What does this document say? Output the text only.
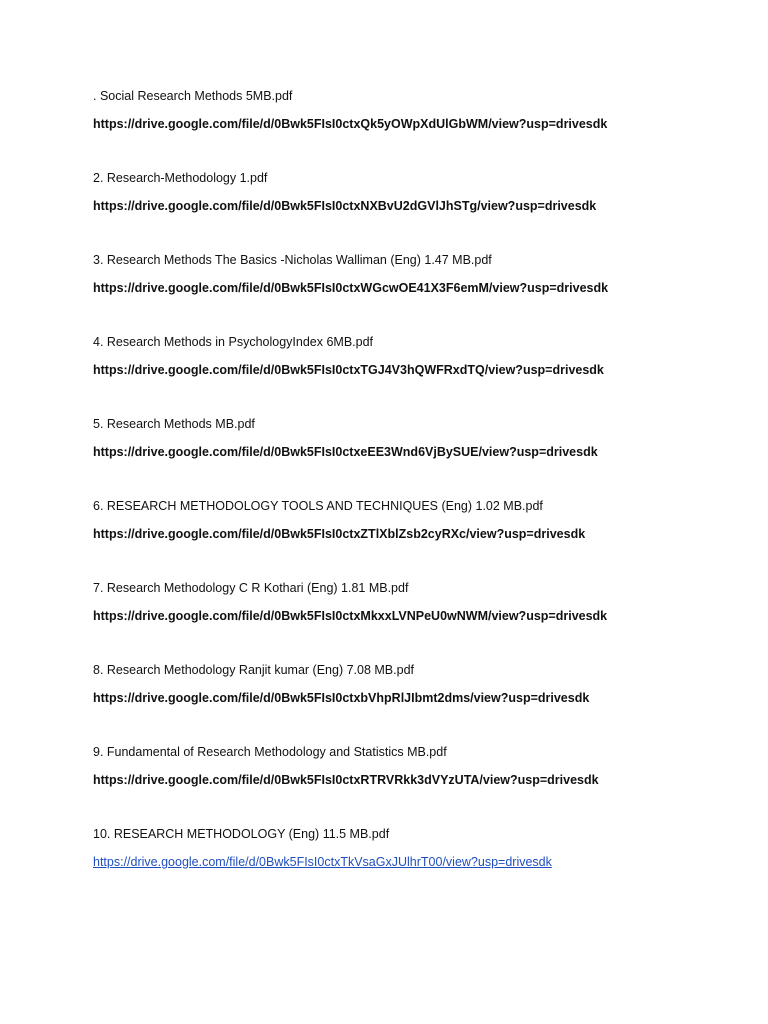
. Social Research Methods 5MB.pdf
https://drive.google.com/file/d/0Bwk5FIsI0ctxQk5yOWpXdUlGbWM/view?usp=drivesdk
2. Research-Methodology 1.pdf
https://drive.google.com/file/d/0Bwk5FIsI0ctxNXBvU2dGVlJhSTg/view?usp=drivesdk
3. Research Methods The Basics -Nicholas Walliman (Eng) 1.47 MB.pdf
https://drive.google.com/file/d/0Bwk5FIsI0ctxWGcwOE41X3F6emM/view?usp=drivesdk
4. Research Methods in PsychologyIndex 6MB.pdf
https://drive.google.com/file/d/0Bwk5FIsI0ctxTGJ4V3hQWFRxdTQ/view?usp=drivesdk
5. Research Methods MB.pdf
https://drive.google.com/file/d/0Bwk5FIsI0ctxeEE3Wnd6VjBySUE/view?usp=drivesdk
6. RESEARCH METHODOLOGY TOOLS AND TECHNIQUES (Eng) 1.02 MB.pdf
https://drive.google.com/file/d/0Bwk5FIsI0ctxZTlXblZsb2cyRXc/view?usp=drivesdk
7. Research Methodology C R Kothari (Eng) 1.81 MB.pdf
https://drive.google.com/file/d/0Bwk5FIsI0ctxMkxxLVNPeU0wNWM/view?usp=drivesdk
8. Research Methodology Ranjit kumar (Eng) 7.08 MB.pdf
https://drive.google.com/file/d/0Bwk5FIsI0ctxbVhpRlJIbmt2dms/view?usp=drivesdk
9. Fundamental of Research Methodology and Statistics MB.pdf
https://drive.google.com/file/d/0Bwk5FIsI0ctxRTRVRkk3dVYzUTA/view?usp=drivesdk
10. RESEARCH METHODOLOGY (Eng) 11.5 MB.pdf
https://drive.google.com/file/d/0Bwk5FIsI0ctxTkVsaGxJUlhrT00/view?usp=drivesdk
